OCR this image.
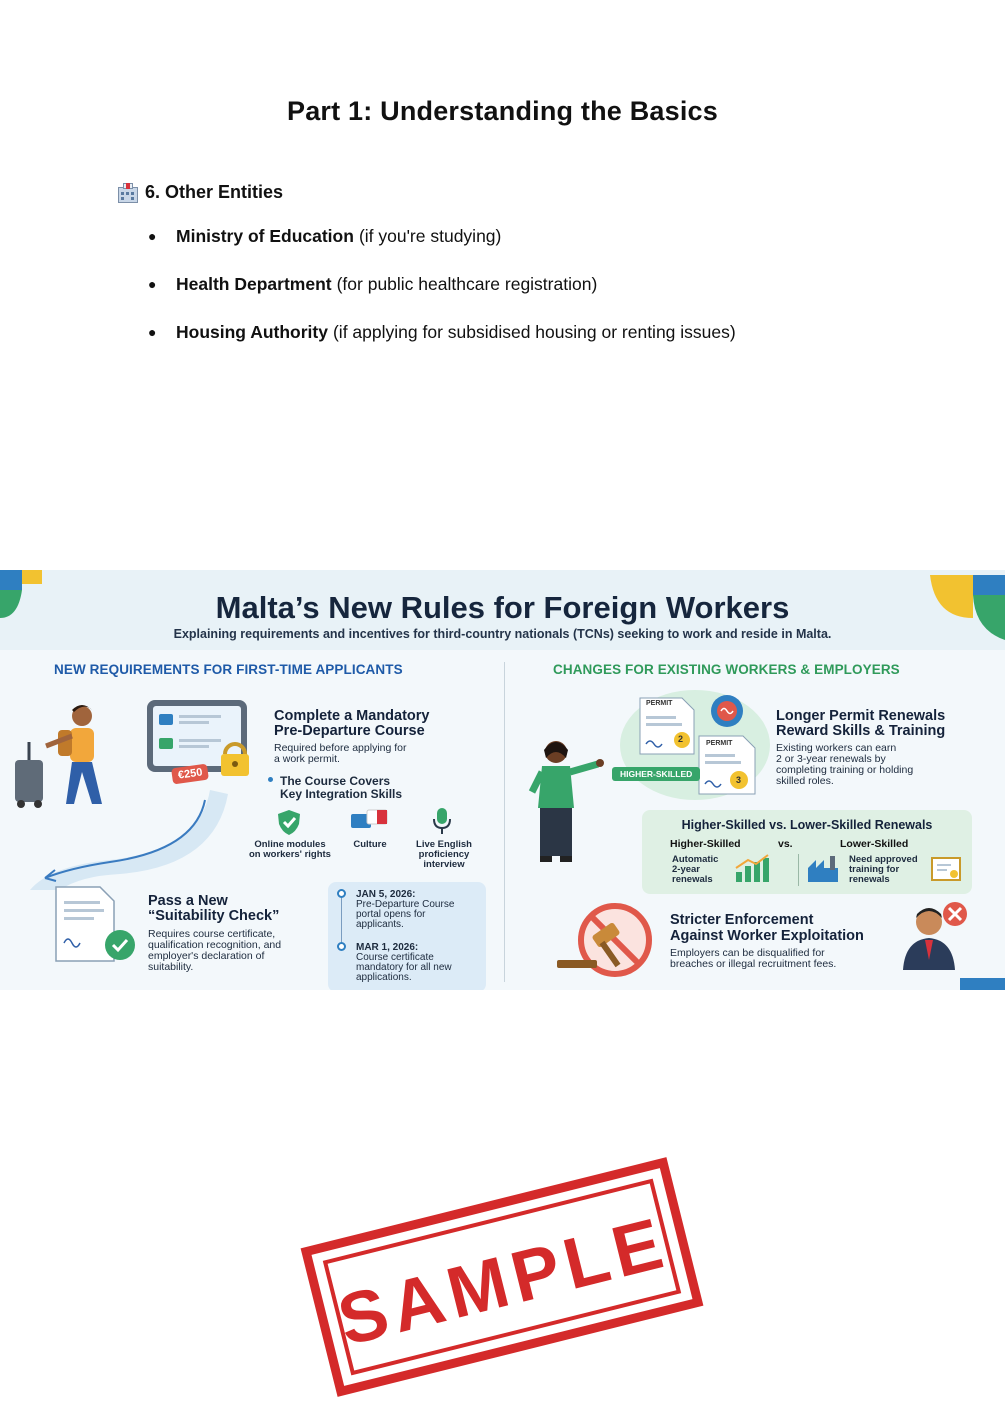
Part 1: Understanding the Basics
6. Other Entities
●	Ministry of Education (if you're studying)
●	Health Department (for public healthcare registration)
●	Housing Authority (if applying for subsidised housing or renting issues)
Malta’s New Rules for Foreign Workers
Explaining requirements and incentives for third-country nationals (TCNs) seeking to work and reside in Malta.
NEW REQUIREMENTS FOR FIRST-TIME APPLICANTS	CHANGES FOR EXISTING WORKERS & EMPLOYERS
€250
Complete a Mandatory
Pre-Departure Course
Required before applying for
a work permit.
The Course Covers
Key Integration Skills
Online modules
on workers' rights
Culture	Live English
proficiency
interview
Pass a New
“Suitability Check”
Requires course certificate,
qualification recognition, and
employer's declaration of
suitability.
JAN 5, 2026:
Pre-Departure Course
portal opens for
applicants.
MAR 1, 2026:
Course certificate
mandatory for all new
applications.
PERMIT
2	PERMIT
3
HIGHER-SKILLED
Longer Permit Renewals
Reward Skills & Training
Existing workers can earn
2 or 3-year renewals by
completing training or holding
skilled roles.
Higher-Skilled vs. Lower-Skilled Renewals
Higher-Skilled	vs.	Lower-Skilled
Automatic
2-year
renewals
Need approved
training for
renewals
Stricter Enforcement
Against Worker Exploitation
Employers can be disqualified for
breaches or illegal recruitment fees.
SAMPLE
